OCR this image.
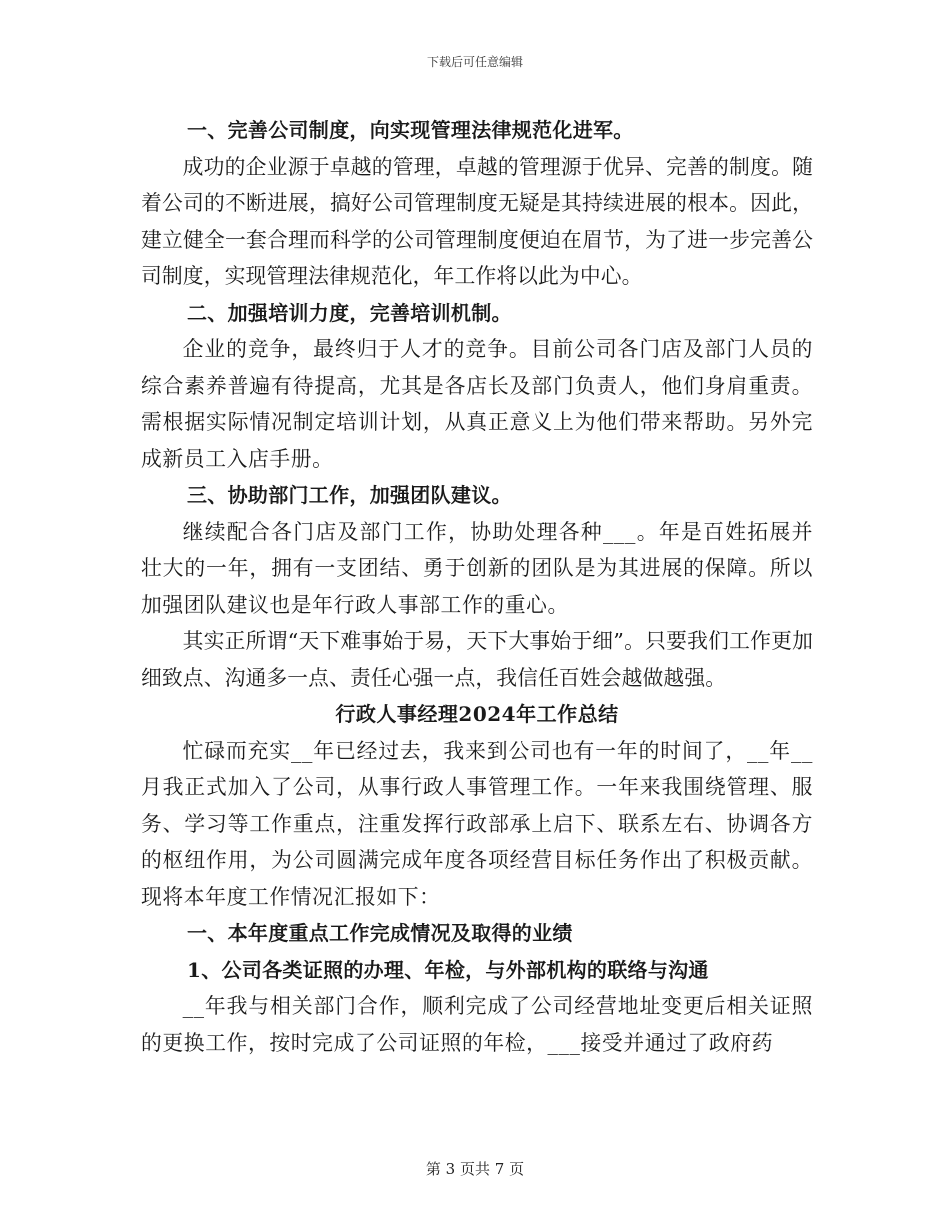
下载后可任意编辑

一、完善公司制度，向实现管理法律规范化进军。

成功的企业源于卓越的管理，卓越的管理源于优异、完善的制度。随着公司的不断进展，搞好公司管理制度无疑是其持续进展的根本。因此，建立健全一套合理而科学的公司管理制度便迫在眉节，为了进一步完善公司制度，实现管理法律规范化，年工作将以此为中心。

二、加强培训力度，完善培训机制。

企业的竞争，最终归于人才的竞争。目前公司各门店及部门人员的综合素养普遍有待提高，尤其是各店长及部门负责人，他们身肩重责。需根据实际情况制定培训计划，从真正意义上为他们带来帮助。另外完成新员工入店手册。

三、协助部门工作，加强团队建议。

继续配合各门店及部门工作，协助处理各种___。年是百姓拓展并壮大的一年，拥有一支团结、勇于创新的团队是为其进展的保障。所以加强团队建议也是年行政人事部工作的重心。

其实正所谓“天下难事始于易，天下大事始于细”。只要我们工作更加细致点、沟通多一点、责任心强一点，我信任百姓会越做越强。

行政人事经理2024年工作总结

忙碌而充实__年已经过去，我来到公司也有一年的时间了，__年__月我正式加入了公司，从事行政人事管理工作。一年来我围绕管理、服务、学习等工作重点，注重发挥行政部承上启下、联系左右、协调各方的枢纽作用，为公司圆满完成年度各项经营目标任务作出了积极贡献。现将本年度工作情况汇报如下：

一、本年度重点工作完成情况及取得的业绩

1、公司各类证照的办理、年检，与外部机构的联络与沟通

__年我与相关部门合作，顺利完成了公司经营地址变更后相关证照的更换工作，按时完成了公司证照的年检，___接受并通过了政府药

第 3 页共 7 页
